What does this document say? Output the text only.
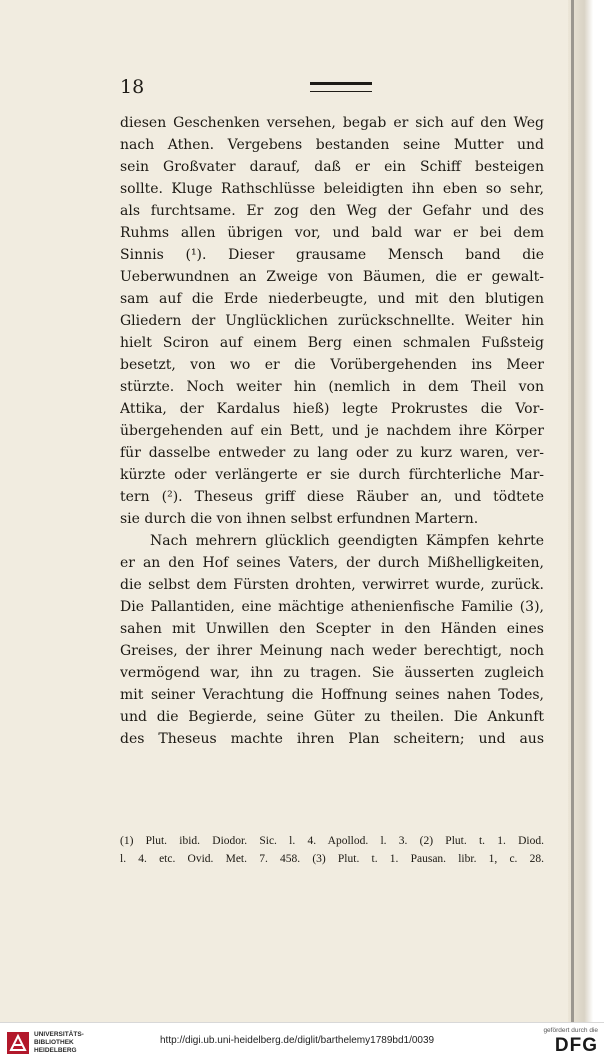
18
diesen Geschenken versehen, begab er sich auf den Weg
nach Athen. Vergebens bestanden seine Mutter und
sein Großvater darauf, daß er ein Schiff besteigen
sollte. Kluge Rathschlüsse beleidigten ihn eben so sehr,
als furchtsame. Er zog den Weg der Gefahr und des
Ruhms allen übrigen vor, und bald war er bei dem
Sinnis (¹). Dieser grausame Mensch band die
Ueberwundnen an Zweige von Bäumen, die er gewalt-
sam auf die Erde niederbeugte, und mit den blutigen
Gliedern der Unglücklichen zurückschnellte. Weiter hin
hielt Sciron auf einem Berg einen schmalen Fußsteig
besetzt, von wo er die Vorübergehenden ins Meer
stürzte. Noch weiter hin (nemlich in dem Theil von
Attika, der Kardalus hieß) legte Prokrustes die Vor-
übergehenden auf ein Bett, und je nachdem ihre Körper
für dasselbe entweder zu lang oder zu kurz waren, ver-
kürzte oder verlängerte er sie durch fürchterliche Mar-
tern (²). Theseus griff diese Räuber an, und tödtete
sie durch die von ihnen selbst erfundnen Martern.
Nach mehrern glücklich geendigten Kämpfen kehrte
er an den Hof seines Vaters, der durch Mißhelligkeiten,
die selbst dem Fürsten drohten, verwirret wurde, zurück.
Die Pallantiden, eine mächtige athenienfische Familie (3),
sahen mit Unwillen den Scepter in den Händen eines
Greises, der ihrer Meinung nach weder berechtigt, noch
vermögend war, ihn zu tragen. Sie äusserten zugleich
mit seiner Verachtung die Hoffnung seines nahen Todes,
und die Begierde, seine Güter zu theilen. Die Ankunft
des Theseus machte ihren Plan scheitern; und aus
(1) Plut. ibid. Diodor. Sic. l. 4. Apollod. l. 3. (2) Plut. t. 1. Diod.
l. 4. etc. Ovid. Met. 7. 458. (3) Plut. t. 1. Pausan. libr. 1, c. 28.
UNIVERSITÄTS-BIBLIOTHEK HEIDELBERG
http://digi.ub.uni-heidelberg.de/diglit/barthelemy1789bd1/0039
gefördert durch die
DFG
